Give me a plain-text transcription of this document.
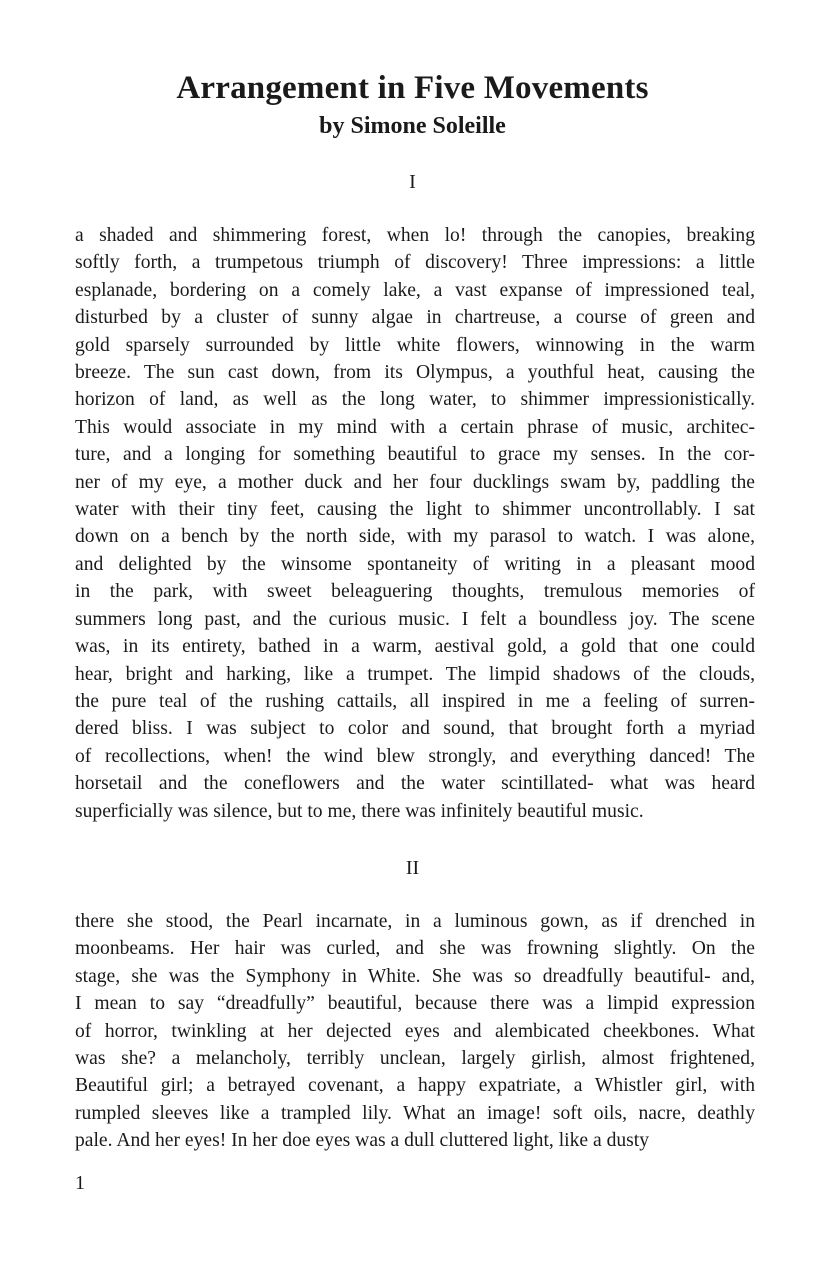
Arrangement in Five Movements
by Simone Soleille

I

a shaded and shimmering forest, when lo! through the canopies, breaking
softly forth, a trumpetous triumph of discovery! Three impressions: a little
esplanade, bordering on a comely lake, a vast expanse of impressioned teal,
disturbed by a cluster of sunny algae in chartreuse, a course of green and
gold sparsely surrounded by little white flowers, winnowing in the warm
breeze. The sun cast down, from its Olympus, a youthful heat, causing the
horizon of land, as well as the long water, to shimmer impressionistically.
This would associate in my mind with a certain phrase of music, architec-
ture, and a longing for something beautiful to grace my senses. In the cor-
ner of my eye, a mother duck and her four ducklings swam by, paddling the
water with their tiny feet, causing the light to shimmer uncontrollably. I sat
down on a bench by the north side, with my parasol to watch. I was alone,
and delighted by the winsome spontaneity of writing in a pleasant mood
in the park, with sweet beleaguering thoughts, tremulous memories of
summers long past, and the curious music. I felt a boundless joy. The scene
was, in its entirety, bathed in a warm, aestival gold, a gold that one could
hear, bright and harking, like a trumpet. The limpid shadows of the clouds,
the pure teal of the rushing cattails, all inspired in me a feeling of surren-
dered bliss. I was subject to color and sound, that brought forth a myriad
of recollections, when! the wind blew strongly, and everything danced! The
horsetail and the coneflowers and the water scintillated- what was heard
superficially was silence, but to me, there was infinitely beautiful music.

II

there she stood, the Pearl incarnate, in a luminous gown, as if drenched in
moonbeams. Her hair was curled, and she was frowning slightly. On the
stage, she was the Symphony in White. She was so dreadfully beautiful- and,
I mean to say “dreadfully” beautiful, because there was a limpid expression
of horror, twinkling at her dejected eyes and alembicated cheekbones. What
was she? a melancholy, terribly unclean, largely girlish, almost frightened,
Beautiful girl; a betrayed covenant, a happy expatriate, a Whistler girl, with
rumpled sleeves like a trampled lily. What an image! soft oils, nacre, deathly
pale. And her eyes! In her doe eyes was a dull cluttered light, like a dusty

1
